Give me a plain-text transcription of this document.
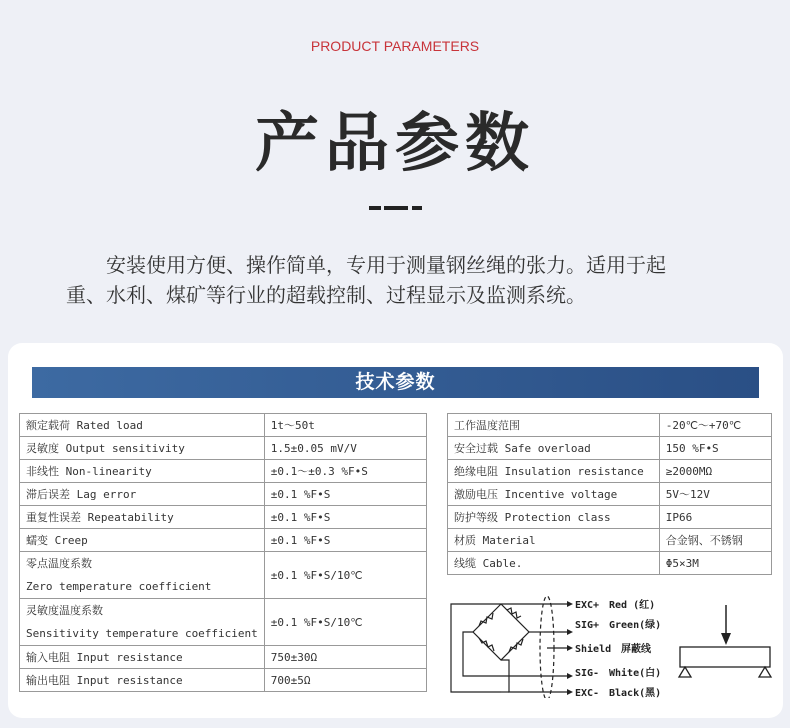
PRODUCT PARAMETERS
产品参数

安装使用方便、操作简单，专用于测量钢丝绳的张力。适用于起

重、水利、煤矿等行业的超载控制、过程显示及监测系统。

技术参数
额定载荷 Rated load	1t～50t
灵敏度 Output sensitivity	1.5±0.05 mV/V
非线性 Non-linearity	±0.1～±0.3 %F•S
滞后误差 Lag error	±0.1 %F•S
重复性误差 Repeatability	±0.1 %F•S
蠕变 Creep	±0.1 %F•S

零点温度系数
Zero temperature coefficient	±0.1 %F•S/10℃

灵敏度温度系数
Sensitivity temperature coefficient	±0.1 %F•S/10℃
输入电阻 Input resistance	750±30Ω
输出电阻 Input resistance	700±5Ω
工作温度范围	-20℃～+70℃
安全过载 Safe overload	150 %F•S
绝缘电阻 Insulation resistance	≥2000MΩ
激励电压 Incentive voltage	5V～12V
防护等级 Protection class	IP66
材质 Material	合金钢、不锈钢
线缆 Cable.	Φ5×3M
EXC+ Red (红)
SIG+ Green(绿)
Shield 屏蔽线
SIG- White(白)
EXC- Black(黑)
